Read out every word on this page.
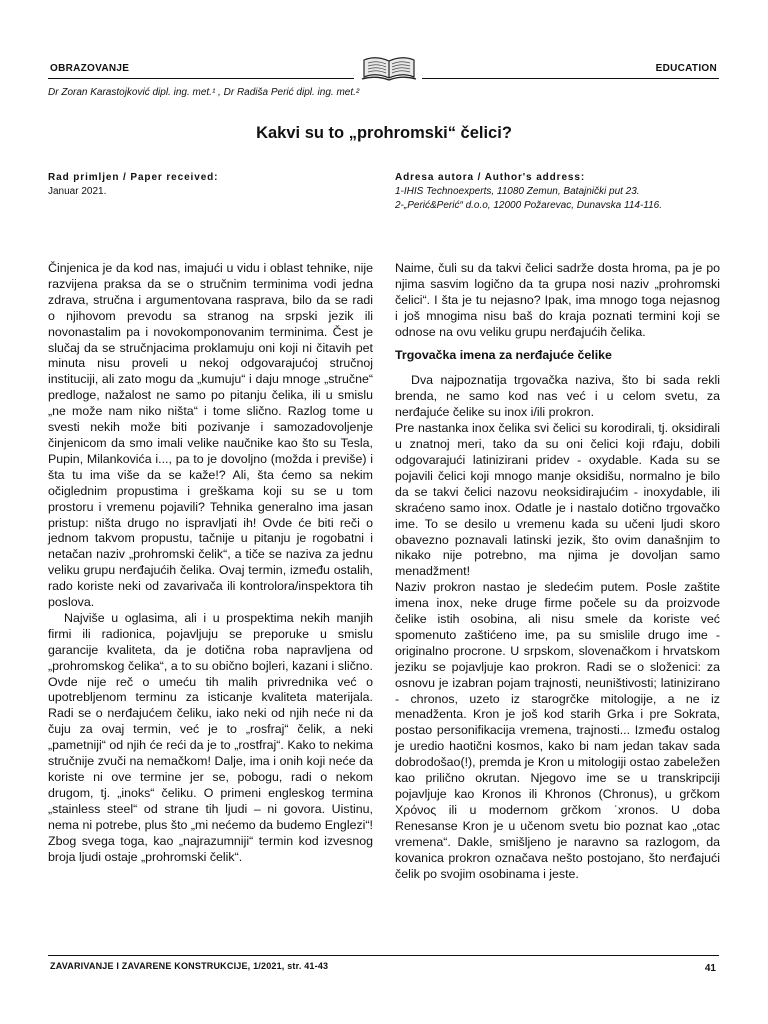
OBRAZOVANJE	EDUCATION
Dr Zoran Karastojković dipl. ing. met.¹ , Dr Radiša Perić dipl. ing. met.²
Kakvi su to „prohromski“ čelici?
Rad primljen / Paper received:
Januar 2021.
Adresa autora / Author's address:
1-IHIS Technoexperts, 11080 Zemun, Batajnički put 23.
2-„Perić&Perić“ d.o.o, 12000 Požarevac, Dunavska 114-116.

Činjenica je da kod nas, imajući u vidu i oblast tehnike, nije razvijena praksa da se o stručnim terminima vodi jedna zdrava, stručna i argumentovana rasprava, bilo da se radi o njihovom prevodu sa stranog na srpski jezik ili novonastalim pa i novokomponovanim terminima. Čest je slučaj da se stručnjacima proklamuju oni koji ni čitavih pet minuta nisu proveli u nekoj odgovarajućoj stručnoj instituciji, ali zato mogu da „kumuju“ i daju mnoge „stručne“ predloge, nažalost ne samo po pitanju čelika, ili u smislu „ne može nam niko ništa“ i tome slično. Razlog tome u svesti nekih može biti pozivanje i samozadovoljenje činjenicom da smo imali velike naučnike kao što su Tesla, Pupin, Milankovića i..., pa to je dovoljno (možda i previše) i šta tu ima više da se kaže!? Ali, šta ćemo sa nekim očiglednim propustima i greškama koji su se u tom prostoru i vremenu pojavili? Tehnika generalno ima jasan pristup: ništa drugo no ispravljati ih! Ovde će biti reči o jednom takvom propustu, tačnije u pitanju je rogobatni i netačan naziv „prohromski čelik“, a tiče se naziva za jednu veliku grupu nerđajućih čelika. Ovaj termin, između ostalih, rado koriste neki od zavarivača ili kontrolora/inspektora tih poslova.

Najviše u oglasima, ali i u prospektima nekih manjih firmi ili radionica, pojavljuju se preporuke u smislu garancije kvaliteta, da je dotična roba napravljena od „prohromskog čelika“, a to su obično bojleri, kazani i slično. Ovde nije reč o umeću tih malih privrednika već o upotrebljenom terminu za isticanje kvaliteta materijala. Radi se o nerđajućem čeliku, iako neki od njih neće ni da čuju za ovaj termin, već je to „rosfraj“ čelik, a neki „pametniji“ od njih će reći da je to „rostfraj“. Kako to nekima stručnije zvuči na nemačkom! Dalje, ima i onih koji neće da koriste ni ove termine jer se, pobogu, radi o nekom drugom, tj. „inoks“ čeliku. O primeni engleskog termina „stainless steel“ od strane tih ljudi – ni govora. Uistinu, nema ni potrebe, plus što „mi nećemo da budemo Englezi“! Zbog svega toga, kao „najrazumniji“ termin kod izvesnog broja ljudi ostaje „prohromski čelik“.

Naime, čuli su da takvi čelici sadrže dosta hroma, pa je po njima sasvim logično da ta grupa nosi naziv „prohromski čelici“. I šta je tu nejasno? Ipak, ima mnogo toga nejasnog i još mnogima nisu baš do kraja poznati termini koji se odnose na ovu veliku grupu nerđajućih čelika.

Trgovačka imena za nerđajuće čelike

Dva najpoznatija trgovačka naziva, što bi sada rekli brenda, ne samo kod nas već i u celom svetu, za nerđajuće čelike su inox i/ili prokron.

Pre nastanka inox čelika svi čelici su korodirali, tj. oksidirali u znatnoj meri, tako da su oni čelici koji rđaju, dobili odgovarajući latinizirani pridev - oxydable. Kada su se pojavili čelici koji mnogo manje oksidišu, normalno je bilo da se takvi čelici nazovu neoksidirajućim - inoxydable, ili skraćeno samo inox. Odatle je i nastalo dotično trgovačko ime. To se desilo u vremenu kada su učeni ljudi skoro obavezno poznavali latinski jezik, što ovim današnjim to nikako nije potrebno, ma njima je dovoljan samo menadžment!

Naziv prokron nastao je sledećim putem. Posle zaštite imena inox, neke druge firme počele su da proizvode čelike istih osobina, ali nisu smele da koriste već spomenuto zaštićeno ime, pa su smislile drugo ime - originalno procrone. U srpskom, slovenačkom i hrvatskom jeziku se pojavljuje kao prokron. Radi se o složenici: za osnovu je izabran pojam trajnosti, neuništivosti; latinizirano - chronos, uzeto iz starogrčke mitologije, a ne iz menadženta. Kron je još kod starih Grka i pre Sokrata, postao personifikacija vremena, trajnosti... Između ostalog je uredio haotični kosmos, kako bi nam jedan takav sada dobrodošao(!), premda je Kron u mitologiji ostao zabeležen kao prilično okrutan. Njegovo ime se u transkripciji pojavljuje kao Kronos ili Khronos (Chronus), u grčkom Χρόνος ili u modernom grčkom ˈxronos. U doba Renesanse Kron je u učenom svetu bio poznat kao „otac vremena“. Dakle, smišljeno je naravno sa razlogom, da kovanica prokron označava nešto postojano, što nerđajući čelik po svojim osobinama i jeste.

ZAVARIVANJE I ZAVARENE KONSTRUKCIJE, 1/2021, str. 41-43	41
